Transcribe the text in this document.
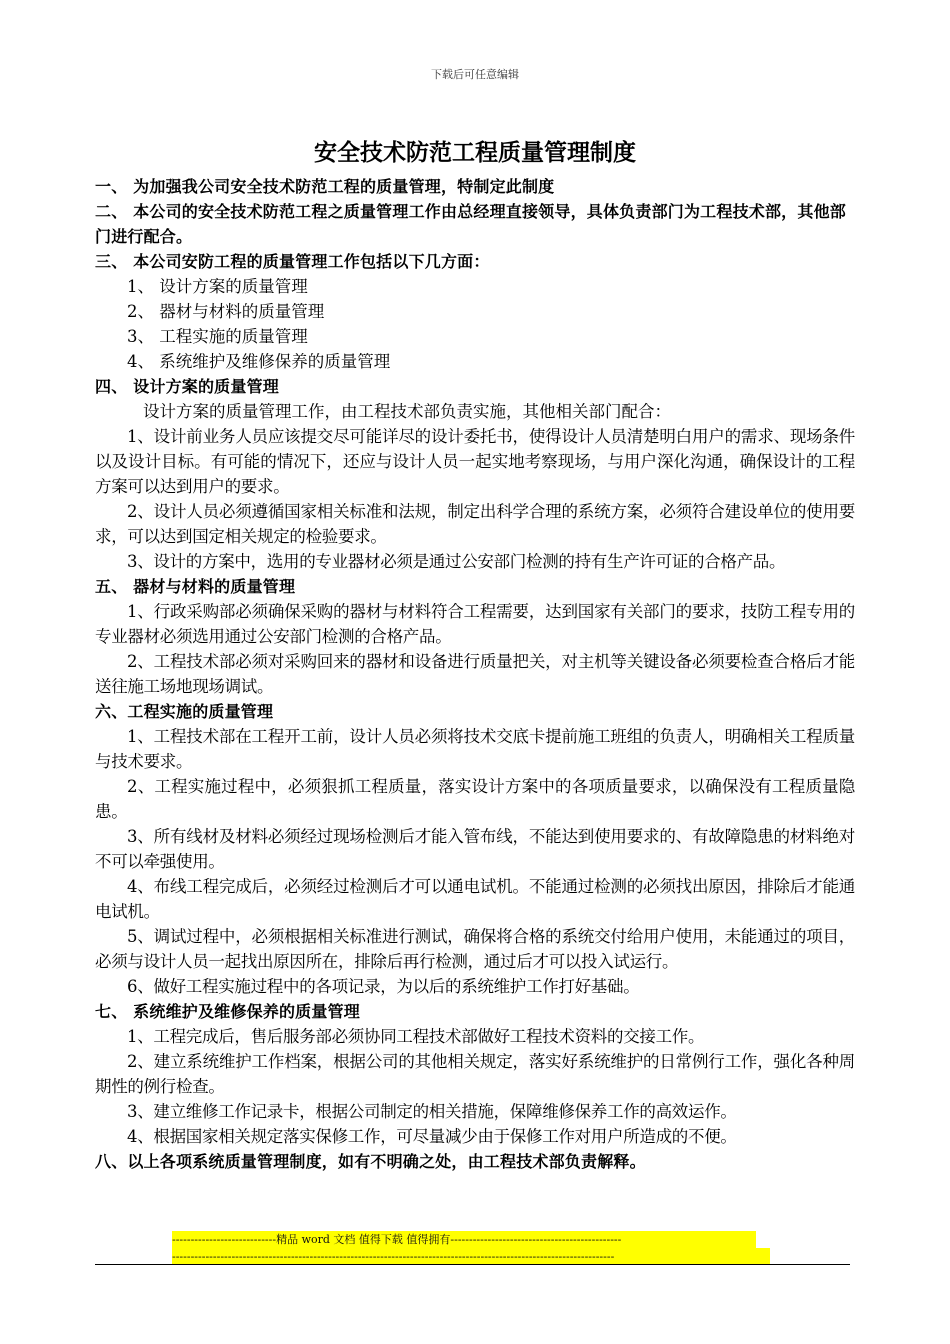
下载后可任意编辑
安全技术防范工程质量管理制度

一、 为加强我公司安全技术防范工程的质量管理，特制定此制度

二、 本公司的安全技术防范工程之质量管理工作由总经理直接领导，具体负责部门为工程技术部，其他部门进行配合。

三、 本公司安防工程的质量管理工作包括以下几方面：

1、 设计方案的质量管理

2、 器材与材料的质量管理

3、 工程实施的质量管理

4、 系统维护及维修保养的质量管理

四、 设计方案的质量管理

设计方案的质量管理工作，由工程技术部负责实施，其他相关部门配合：

1、设计前业务人员应该提交尽可能详尽的设计委托书，使得设计人员清楚明白用户的需求、现场条件以及设计目标。有可能的情况下，还应与设计人员一起实地考察现场，与用户深化沟通，确保设计的工程方案可以达到用户的要求。

2、设计人员必须遵循国家相关标准和法规，制定出科学合理的系统方案，必须符合建设单位的使用要求，可以达到国定相关规定的检验要求。

3、设计的方案中，选用的专业器材必须是通过公安部门检测的持有生产许可证的合格产品。

五、 器材与材料的质量管理

1、行政采购部必须确保采购的器材与材料符合工程需要，达到国家有关部门的要求，技防工程专用的专业器材必须选用通过公安部门检测的合格产品。

2、工程技术部必须对采购回来的器材和设备进行质量把关，对主机等关键设备必须要检查合格后才能送往施工场地现场调试。

六、工程实施的质量管理

1、工程技术部在工程开工前，设计人员必须将技术交底卡提前施工班组的负责人，明确相关工程质量与技术要求。

2、工程实施过程中，必须狠抓工程质量，落实设计方案中的各项质量要求，以确保没有工程质量隐患。

3、所有线材及材料必须经过现场检测后才能入管布线，不能达到使用要求的、有故障隐患的材料绝对不可以牵强使用。

4、布线工程完成后，必须经过检测后才可以通电试机。不能通过检测的必须找出原因，排除后才能通电试机。

5、调试过程中，必须根据相关标准进行测试，确保将合格的系统交付给用户使用，未能通过的项目，必须与设计人员一起找出原因所在，排除后再行检测，通过后才可以投入试运行。

6、做好工程实施过程中的各项记录，为以后的系统维护工作打好基础。

七、 系统维护及维修保养的质量管理

1、工程完成后，售后服务部必须协同工程技术部做好工程技术资料的交接工作。

2、建立系统维护工作档案，根据公司的其他相关规定，落实好系统维护的日常例行工作，强化各种周期性的例行检查。

3、建立维修工作记录卡，根据公司制定的相关措施，保障维修保养工作的高效运作。

4、根据国家相关规定落实保修工作，可尽量减少由于保修工作对用户所造成的不便。

八、以上各项系统质量管理制度，如有不明确之处，由工程技术部负责解释。

----------------------------精品 word 文档 值得下载 值得拥有----------------------------------------------
-----------------------------------------------------------------------------------------------------------------------
